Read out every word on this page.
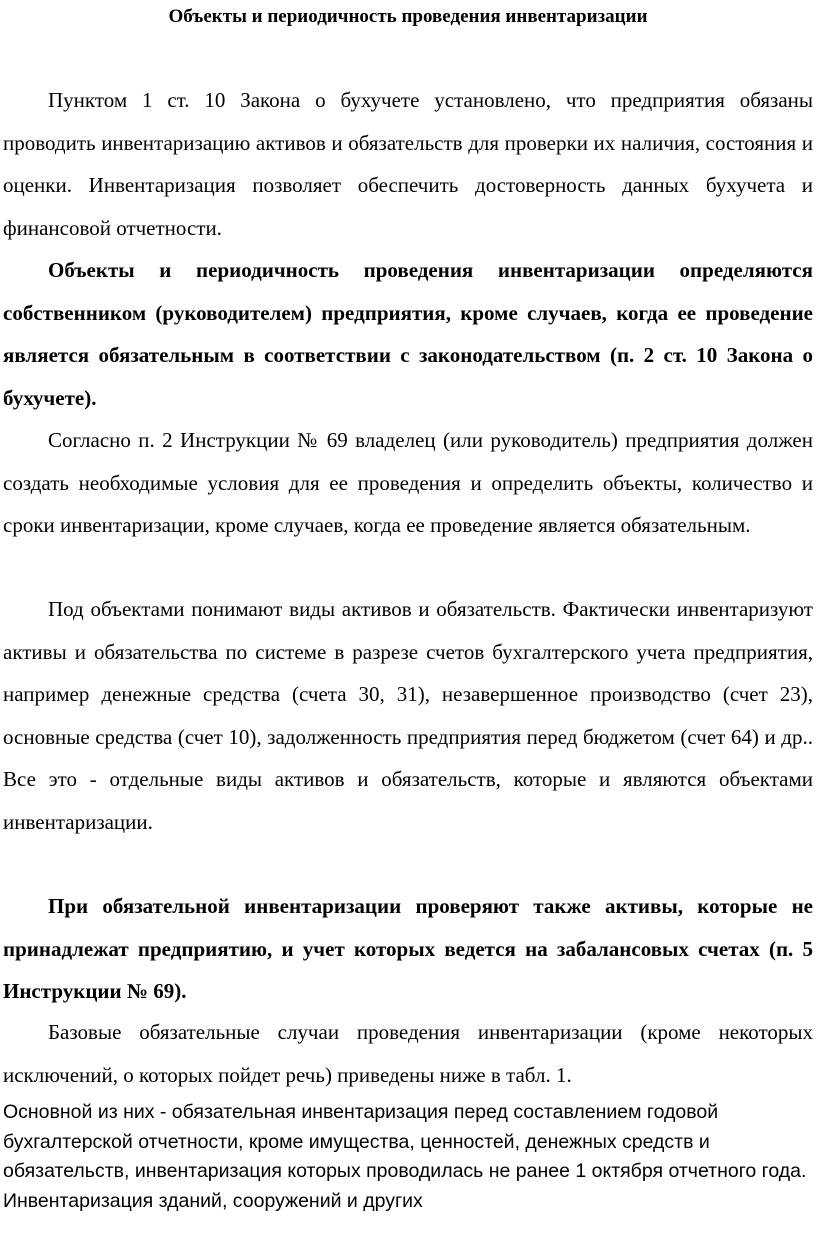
Объекты и периодичность проведения инвентаризации

Пунктом 1 ст. 10 Закона о бухучете установлено, что предприятия обязаны проводить инвентаризацию активов и обязательств для проверки их наличия, состояния и оценки. Инвентаризация позволяет обеспечить достоверность данных бухучета и финансовой отчетности.

Объекты и периодичность проведения инвентаризации определяются собственником (руководителем) предприятия, кроме случаев, когда ее проведение является обязательным в соответствии с законодательством (п. 2 ст. 10 Закона о бухучете).

Согласно п. 2 Инструкции № 69 владелец (или руководитель) предприятия должен создать необходимые условия для ее проведения и определить объекты, количество и сроки инвентаризации, кроме случаев, когда ее проведение является обязательным.

Под объектами понимают виды активов и обязательств. Фактически инвентаризуют активы и обязательства по системе в разрезе счетов бухгалтерского учета предприятия, например денежные средства (счета 30, 31), незавершенное производство (счет 23), основные средства (счет 10), задолженность предприятия перед бюджетом (счет 64) и др.. Все это - отдельные виды активов и обязательств, которые и являются объектами инвентаризации.

При обязательной инвентаризации проверяют также активы, которые не принадлежат предприятию, и учет которых ведется на забалансовых счетах (п. 5 Инструкции № 69).

Базовые обязательные случаи проведения инвентаризации (кроме некоторых исключений, о которых пойдет речь) приведены ниже в табл. 1.

Основной из них - обязательная инвентаризация перед составлением годовой бухгалтерской отчетности, кроме имущества, ценностей, денежных средств и обязательств, инвентаризация которых проводилась не ранее 1 октября отчетного года. Инвентаризация зданий, сооружений и других
